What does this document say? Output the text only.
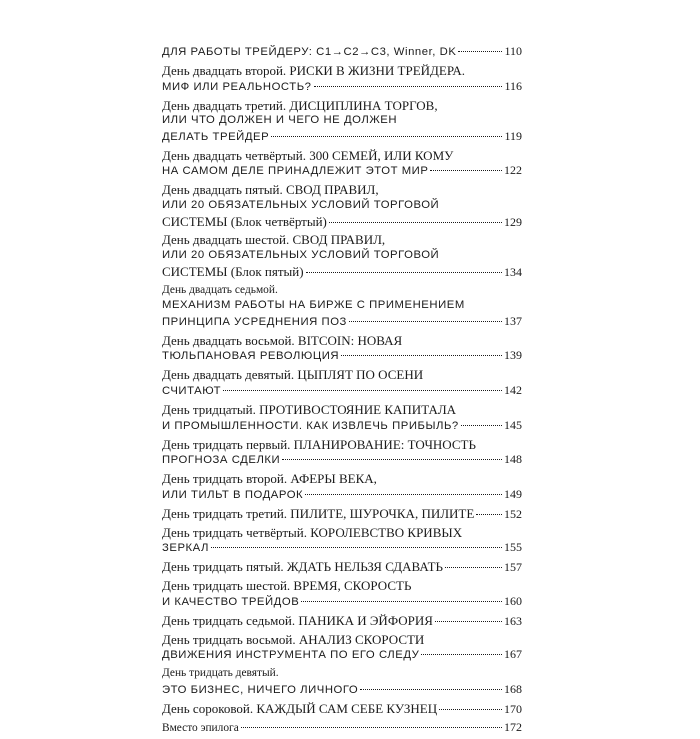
ДЛЯ РАБОТЫ ТРЕЙДЕРУ: C1→C2→C3, Winner, DK	110
День двадцать второй. РИСКИ В ЖИЗНИ ТРЕЙДЕРА.
МИФ ИЛИ РЕАЛЬНОСТЬ?	116
День двадцать третий. ДИСЦИПЛИНА ТОРГОВ,
ИЛИ ЧТО ДОЛЖЕН И ЧЕГО НЕ ДОЛЖЕН
ДЕЛАТЬ ТРЕЙДЕР	119
День двадцать четвёртый. 300 СЕМЕЙ, ИЛИ КОМУ
НА САМОМ ДЕЛЕ ПРИНАДЛЕЖИТ ЭТОТ МИР	122
День двадцать пятый. СВОД ПРАВИЛ,
ИЛИ 20 ОБЯЗАТЕЛЬНЫХ УСЛОВИЙ ТОРГОВОЙ
СИСТЕМЫ (Блок четвёртый)	129
День двадцать шестой. СВОД ПРАВИЛ,
ИЛИ 20 ОБЯЗАТЕЛЬНЫХ УСЛОВИЙ ТОРГОВОЙ
СИСТЕМЫ (Блок пятый)	134
День двадцать седьмой.
МЕХАНИЗМ РАБОТЫ НА БИРЖЕ С ПРИМЕНЕНИЕМ
ПРИНЦИПА УСРЕДНЕНИЯ ПОЗ	137
День двадцать восьмой. BITCOIN: НОВАЯ
ТЮЛЬПАНОВАЯ РЕВОЛЮЦИЯ	139
День двадцать девятый. ЦЫПЛЯТ ПО ОСЕНИ
СЧИТАЮТ	142
День тридцатый. ПРОТИВОСТОЯНИЕ КАПИТАЛА
И ПРОМЫШЛЕННОСТИ. КАК ИЗВЛЕЧЬ ПРИБЫЛЬ?	145
День тридцать первый. ПЛАНИРОВАНИЕ: ТОЧНОСТЬ
ПРОГНОЗА СДЕЛКИ	148
День тридцать второй. АФЕРЫ ВЕКА,
ИЛИ ТИЛЬТ В ПОДАРОК	149
День тридцать третий. ПИЛИТЕ, ШУРОЧКА, ПИЛИТЕ 152
День тридцать четвёртый. КОРОЛЕВСТВО КРИВЫХ
ЗЕРКАЛ	155
День тридцать пятый. ЖДАТЬ НЕЛЬЗЯ СДАВАТЬ	157
День тридцать шестой. ВРЕМЯ, СКОРОСТЬ
И КАЧЕСТВО ТРЕЙДОВ	160
День тридцать седьмой. ПАНИКА И ЭЙФОРИЯ	163
День тридцать восьмой. АНАЛИЗ СКОРОСТИ
ДВИЖЕНИЯ ИНСТРУМЕНТА ПО ЕГО СЛЕДУ	167
День тридцать девятый.
ЭТО БИЗНЕС, НИЧЕГО ЛИЧНОГО	168
День сороковой. КАЖДЫЙ САМ СЕБЕ КУЗНЕЦ	170
Вместо эпилога	172
